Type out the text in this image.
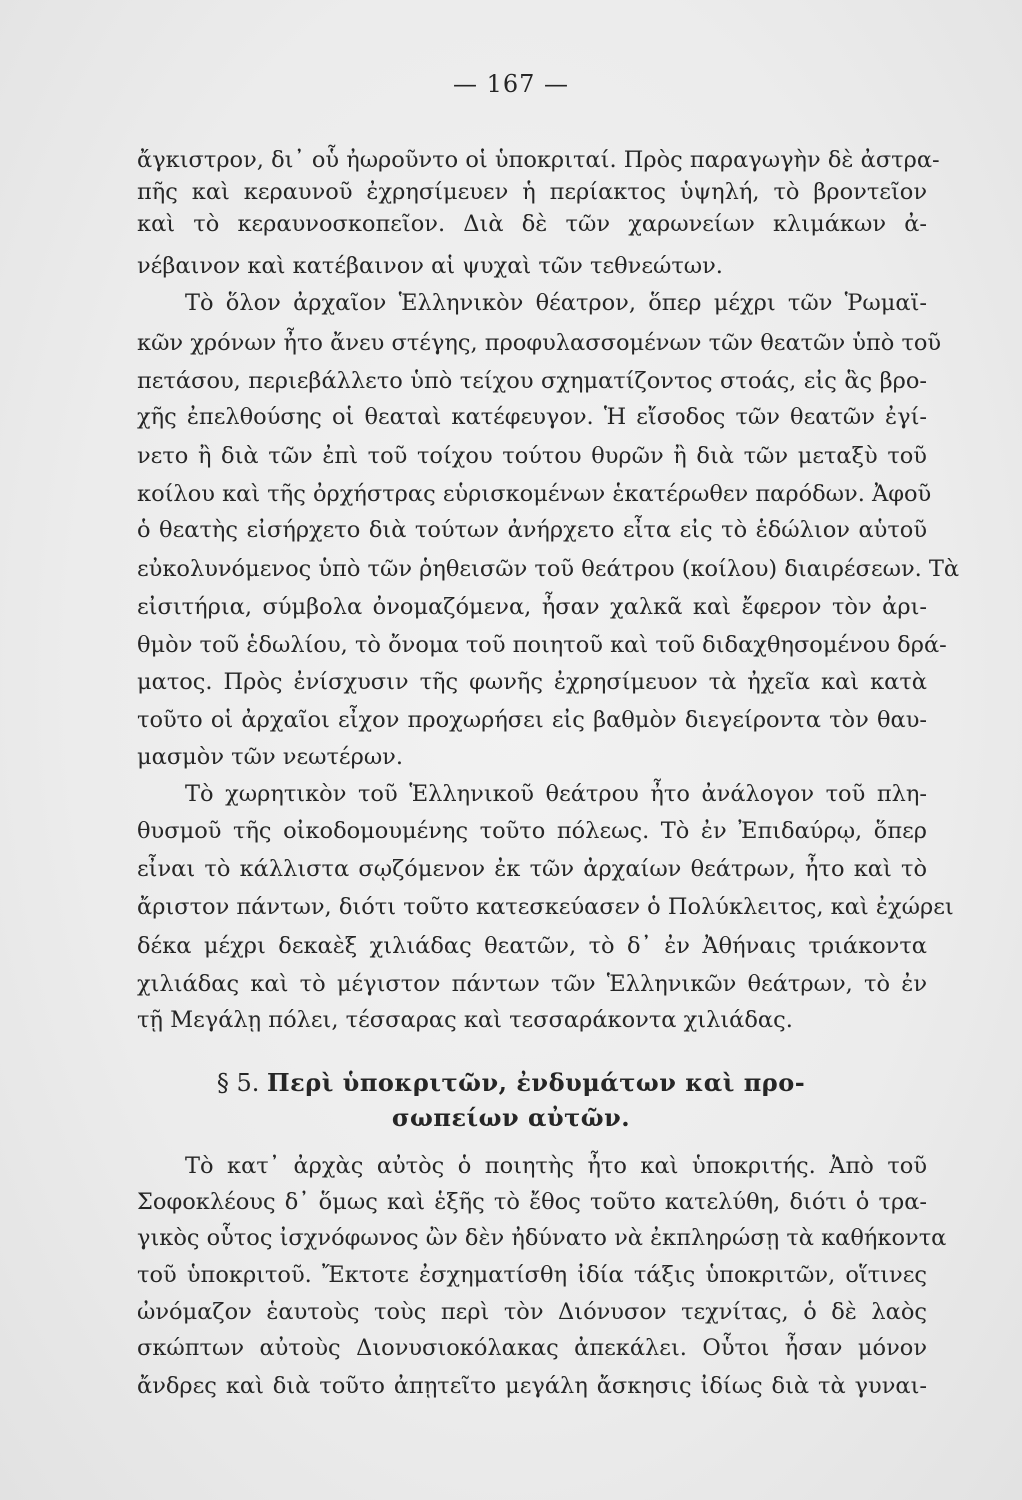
— 167 —
ἄγκιστρον, δι᾿ οὗ ἠωροῦντο οἱ ὑποκριταί. Πρὸς παραγωγὴν δὲ ἀστρα-
πῆς καὶ κεραυνοῦ ἐχρησίμευεν ἡ περίακτος ὑψηλή, τὸ βροντεῖον
καὶ τὸ κεραυνοσκοπεῖον. Διὰ δὲ τῶν χαρωνείων κλιμάκων ἀ-
νέβαινον καὶ κατέβαινον αἱ ψυχαὶ τῶν τεθνεώτων.
Τὸ ὅλον ἀρχαῖον Ἑλληνικὸν θέατρον, ὅπερ μέχρι τῶν Ῥωμαϊ-
κῶν χρόνων ἦτο ἄνευ στέγης, προφυλασσομένων τῶν θεατῶν ὑπὸ τοῦ
πετάσου, περιεβάλλετο ὑπὸ τείχου σχηματίζοντος στοάς, εἰς ἃς βρο-
χῆς ἐπελθούσης οἱ θεαταὶ κατέφευγον. Ἡ εἴσοδος τῶν θεατῶν ἐγί-
νετο ἢ διὰ τῶν ἐπὶ τοῦ τοίχου τούτου θυρῶν ἢ διὰ τῶν μεταξὺ τοῦ
κοίλου καὶ τῆς ὀρχήστρας εὑρισκομένων ἑκατέρωθεν παρόδων. Ἀφοῦ
ὁ θεατὴς εἰσήρχετο διὰ τούτων ἀνήρχετο εἶτα εἰς τὸ ἑδώλιον αὑτοῦ
εὐκολυνόμενος ὑπὸ τῶν ῥηθεισῶν τοῦ θεάτρου (κοίλου) διαιρέσεων. Τὰ
εἰσιτήρια, σύμβολα ὀνομαζόμενα, ἦσαν χαλκᾶ καὶ ἔφερον τὸν ἀρι-
θμὸν τοῦ ἑδωλίου, τὸ ὄνομα τοῦ ποιητοῦ καὶ τοῦ διδαχθησομένου δρά-
ματος. Πρὸς ἐνίσχυσιν τῆς φωνῆς ἐχρησίμευον τὰ ἠχεῖα καὶ κατὰ
τοῦτο οἱ ἀρχαῖοι εἶχον προχωρήσει εἰς βαθμὸν διεγείροντα τὸν θαυ-
μασμὸν τῶν νεωτέρων.
Τὸ χωρητικὸν τοῦ Ἑλληνικοῦ θεάτρου ἦτο ἀνάλογον τοῦ πλη-
θυσμοῦ τῆς οἰκοδομουμένης τοῦτο πόλεως. Τὸ ἐν Ἐπιδαύρῳ, ὅπερ
εἶναι τὸ κάλλιστα σῳζόμενον ἐκ τῶν ἀρχαίων θεάτρων, ἦτο καὶ τὸ
ἄριστον πάντων, διότι τοῦτο κατεσκεύασεν ὁ Πολύκλειτος, καὶ ἐχώρει
δέκα μέχρι δεκαὲξ χιλιάδας θεατῶν, τὸ δ᾿ ἐν Ἀθήναις τριάκοντα
χιλιάδας καὶ τὸ μέγιστον πάντων τῶν Ἑλληνικῶν θεάτρων, τὸ ἐν
τῇ Μεγάλῃ πόλει, τέσσαρας καὶ τεσσαράκοντα χιλιάδας.
§ 5. Περὶ ὑποκριτῶν, ἐνδυμάτων καὶ προ-
σωπείων αὐτῶν.
Τὸ κατ᾿ ἀρχὰς αὐτὸς ὁ ποιητὴς ἦτο καὶ ὑποκριτής. Ἀπὸ τοῦ
Σοφοκλέους δ᾿ ὅμως καὶ ἑξῆς τὸ ἔθος τοῦτο κατελύθη, διότι ὁ τρα-
γικὸς οὗτος ἰσχνόφωνος ὢν δὲν ἠδύνατο νὰ ἐκπληρώσῃ τὰ καθήκοντα
τοῦ ὑποκριτοῦ. Ἔκτοτε ἐσχηματίσθη ἰδία τάξις ὑποκριτῶν, οἵτινες
ὠνόμαζον ἑαυτοὺς τοὺς περὶ τὸν Διόνυσον τεχνίτας, ὁ δὲ λαὸς
σκώπτων αὐτοὺς Διονυσιοκόλακας ἀπεκάλει. Οὗτοι ἦσαν μόνον
ἄνδρες καὶ διὰ τοῦτο ἀπῃτεῖτο μεγάλη ἄσκησις ἰδίως διὰ τὰ γυναι-
